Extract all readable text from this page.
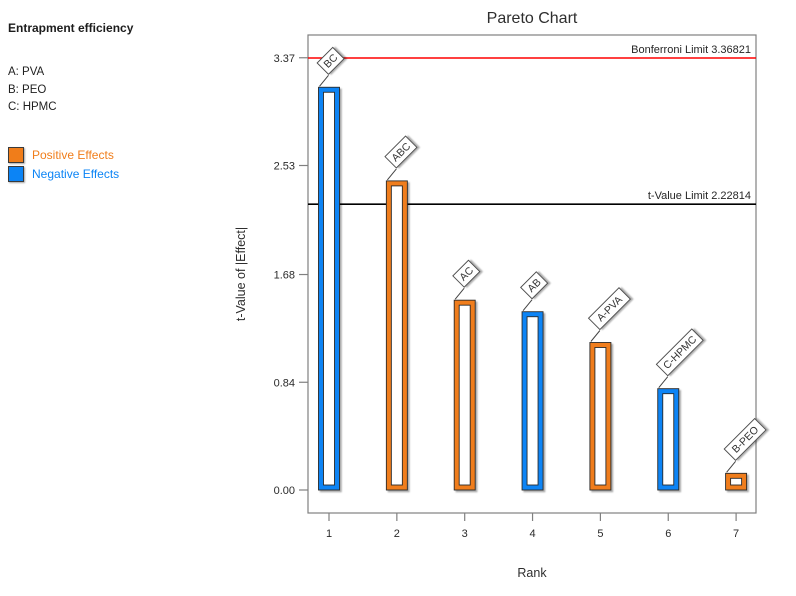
Entrapment efficiency
A: PVA
B: PEO
C: HPMC
Positive Effects
Negative Effects
Pareto Chart
Rank
t-Value of |Effect|
Bonferroni Limit 3.36821
t-Value Limit 2.22814
0.00
0.84
1.68
2.53
3.37
1	2	3	4	5	6	7
BC
ABC
AC
AB
A-PVA
C-HPMC
B-PEO
